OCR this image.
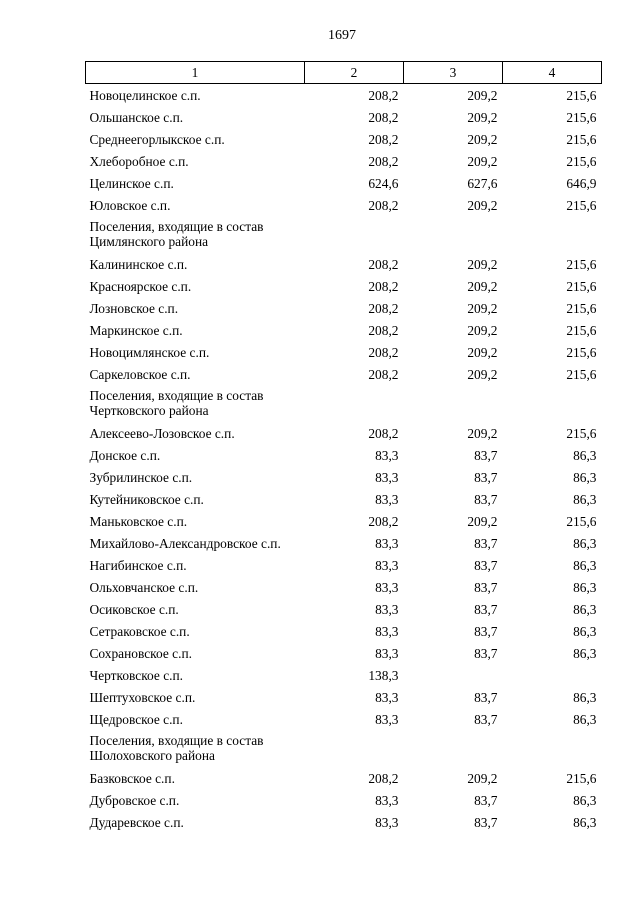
1697
1	2	3	4
Новоцелинское с.п.	208,2	209,2	215,6
Ольшанское с.п.	208,2	209,2	215,6
Среднеегорлыкское с.п.	208,2	209,2	215,6
Хлеборобное с.п.	208,2	209,2	215,6
Целинское с.п.	624,6	627,6	646,9
Юловское с.п.	208,2	209,2	215,6
Поселения, входящие в состав Цимлянского района			
Калининское с.п.	208,2	209,2	215,6
Красноярское с.п.	208,2	209,2	215,6
Лозновское с.п.	208,2	209,2	215,6
Маркинское с.п.	208,2	209,2	215,6
Новоцимлянское с.п.	208,2	209,2	215,6
Саркеловское с.п.	208,2	209,2	215,6
Поселения, входящие в состав Чертковского района			
Алексеево-Лозовское с.п.	208,2	209,2	215,6
Донское с.п.	83,3	83,7	86,3
Зубрилинское с.п.	83,3	83,7	86,3
Кутейниковское с.п.	83,3	83,7	86,3
Маньковское с.п.	208,2	209,2	215,6
Михайлово-Александровское с.п.	83,3	83,7	86,3
Нагибинское с.п.	83,3	83,7	86,3
Ольховчанское с.п.	83,3	83,7	86,3
Осиковское с.п.	83,3	83,7	86,3
Сетраковское с.п.	83,3	83,7	86,3
Сохрановское с.п.	83,3	83,7	86,3
Чертковское с.п.	138,3		
Шептуховское с.п.	83,3	83,7	86,3
Щедровское с.п.	83,3	83,7	86,3
Поселения, входящие в состав Шолоховского района			
Базковское с.п.	208,2	209,2	215,6
Дубровское с.п.	83,3	83,7	86,3
Дударевское с.п.	83,3	83,7	86,3
